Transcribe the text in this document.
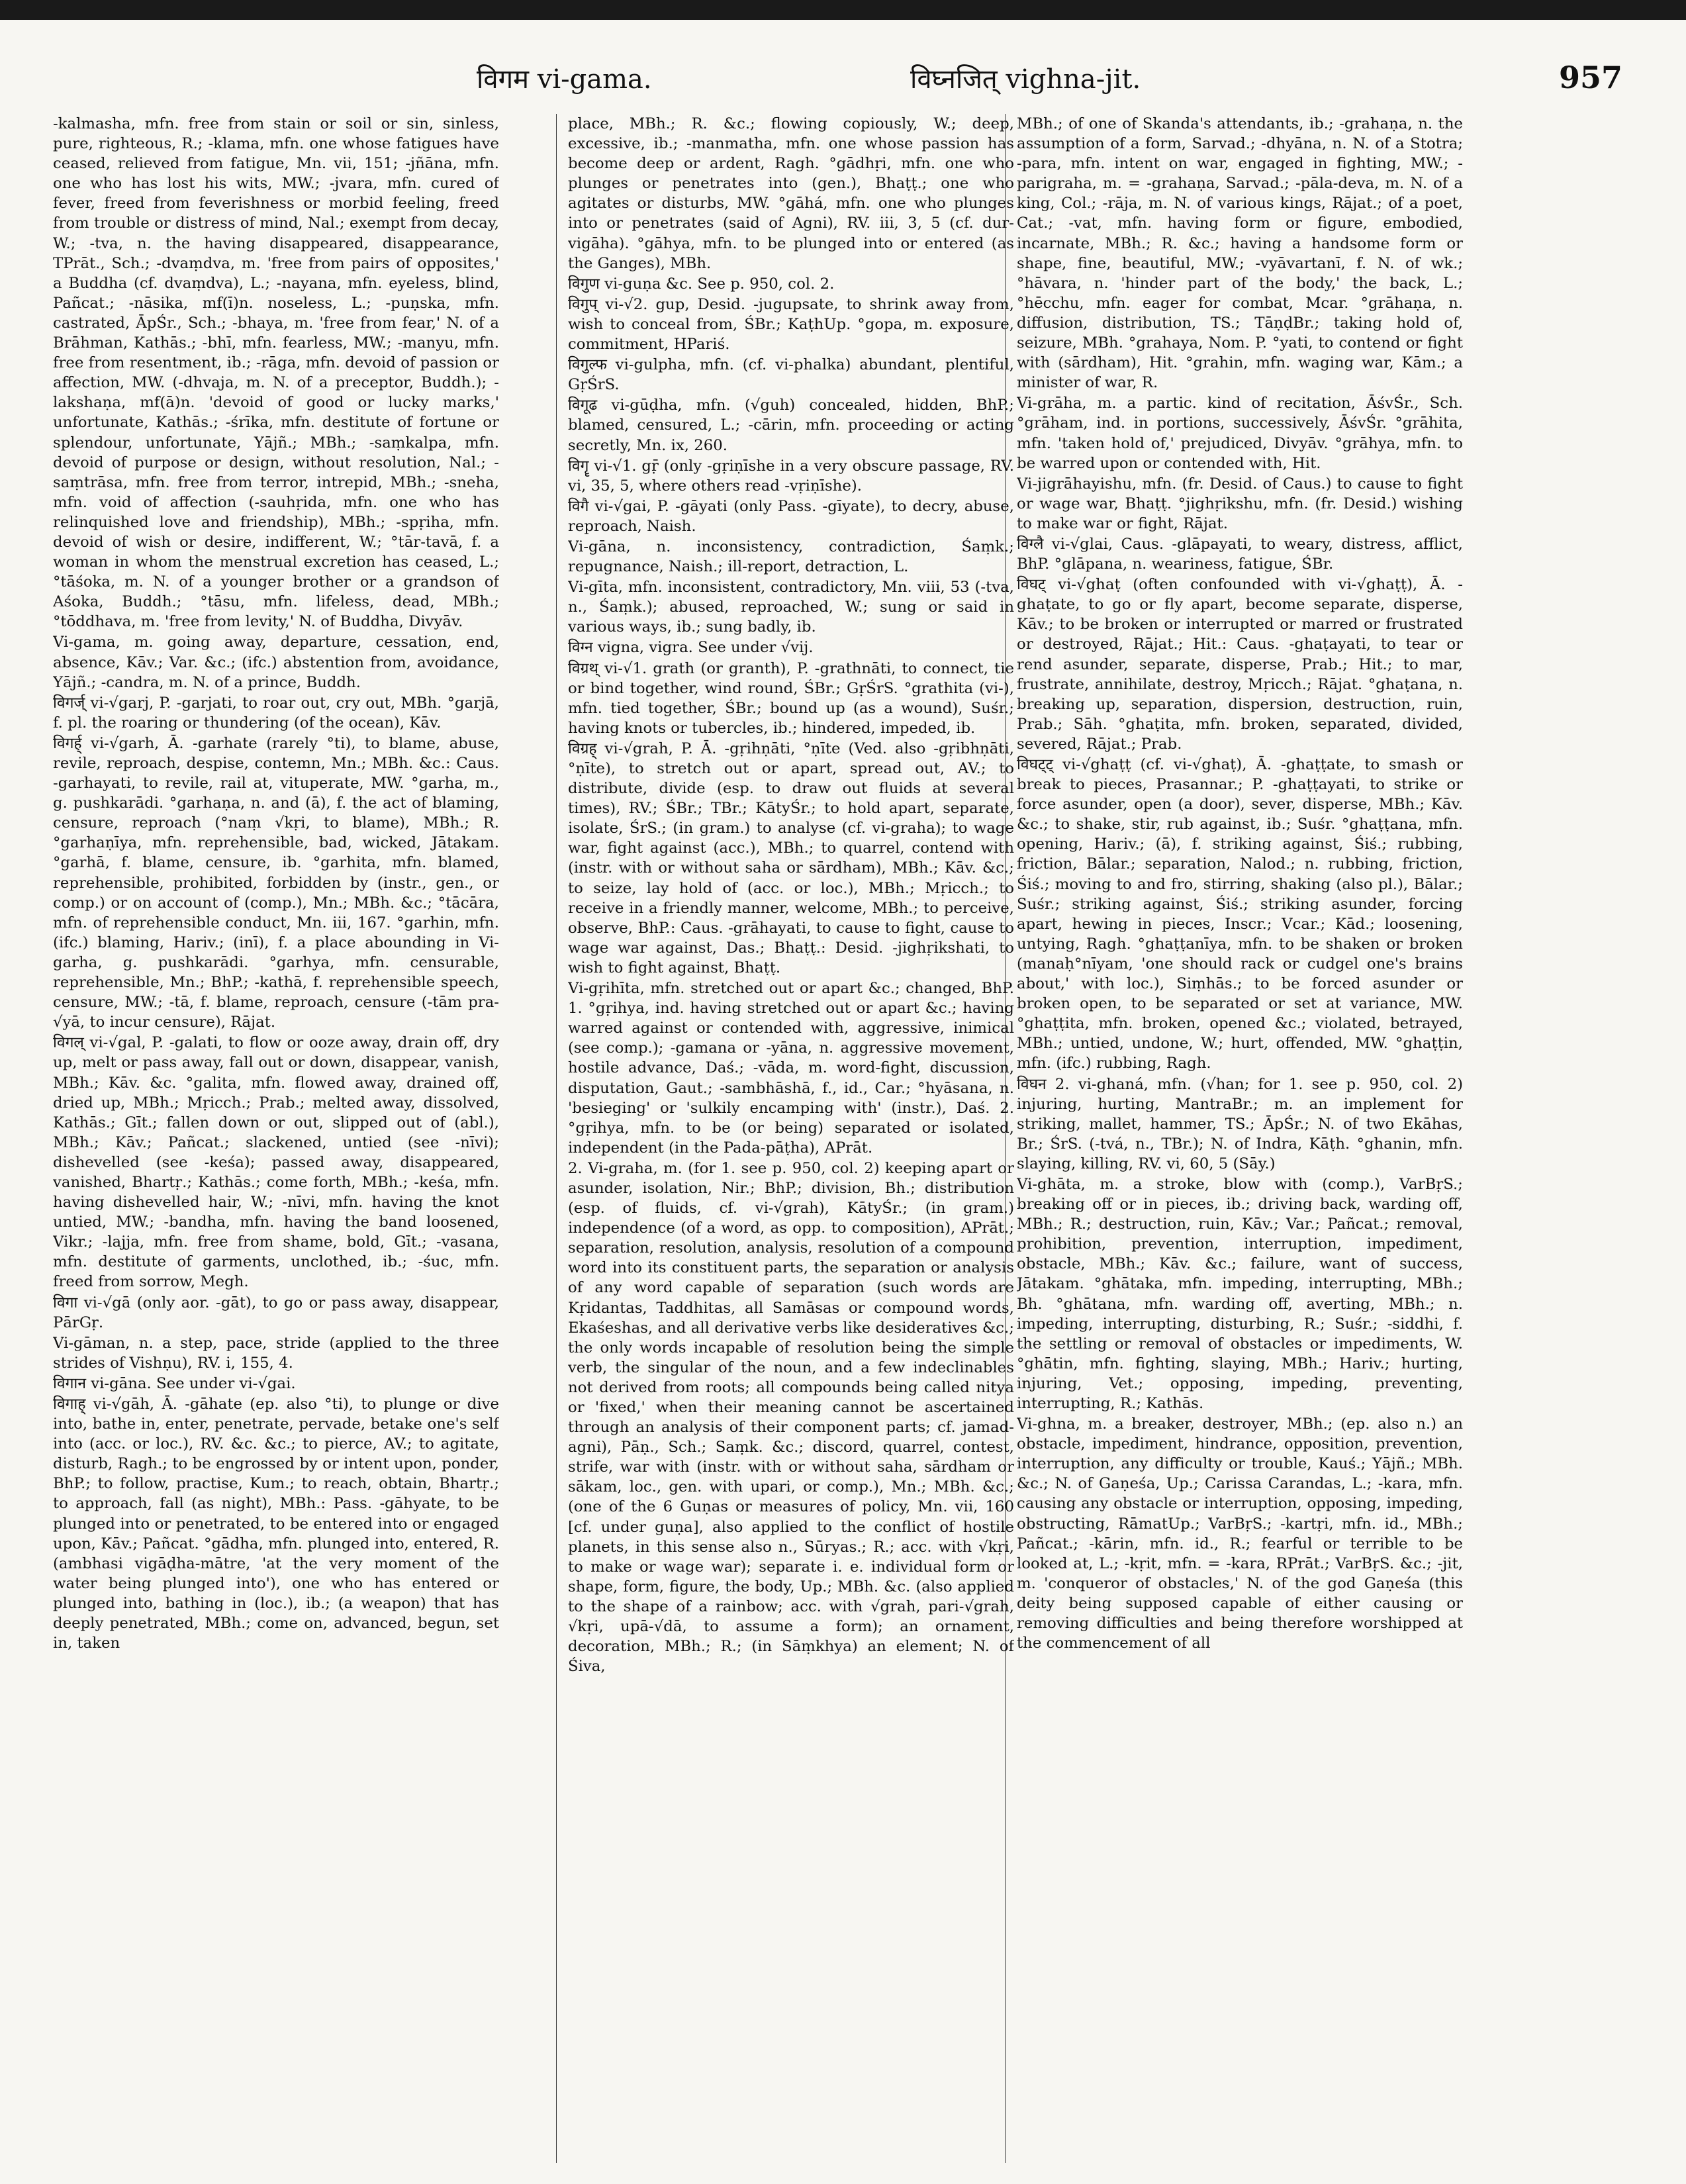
विगम vi-gama.	विघ्नजित् vighna-jit.	957

-kalmasha, mfn. free from stain or soil or sin, sinless, pure, righteous, R.; -klama, mfn. one whose fatigues have ceased, relieved from fatigue, Mn. vii, 151; -jñāna, mfn. one who has lost his wits, MW.; -jvara, mfn. cured of fever, freed from feverishness or morbid feeling, freed from trouble or distress of mind, Nal.; exempt from decay, W.; -tva, n. the having disappeared, disappearance, TPrāt., Sch.; -dvaṃdva, m. 'free from pairs of opposites,' a Buddha (cf. dvaṃdva), L.; -nayana, mfn. eyeless, blind, Pañcat.; -nāsika, mf(ī)n. noseless, L.; -puṇska, mfn. castrated, ĀpŚr., Sch.; -bhaya, m. 'free from fear,' N. of a Brāhman, Kathās.; -bhī, mfn. fearless, MW.; -manyu, mfn. free from resentment, ib.; -rāga, mfn. devoid of passion or affection, MW. (-dhvaja, m. N. of a preceptor, Buddh.); -lakshaṇa, mf(ā)n. 'devoid of good or lucky marks,' unfortunate, Kathās.; -śrīka, mfn. destitute of fortune or splendour, unfortunate, Yājñ.; MBh.; -saṃkalpa, mfn. devoid of purpose or design, without resolution, Nal.; -saṃtrāsa, mfn. free from terror, intrepid, MBh.; -sneha, mfn. void of affection (-sauhṛida, mfn. one who has relinquished love and friendship), MBh.; -spṛiha, mfn. devoid of wish or desire, indifferent, W.; °tār-tavā, f. a woman in whom the menstrual excretion has ceased, L.; °tāśoka, m. N. of a younger brother or a grandson of Aśoka, Buddh.; °tāsu, mfn. lifeless, dead, MBh.; °tōddhava, m. 'free from levity,' N. of Buddha, Divyāv.

Vi-gama, m. going away, departure, cessation, end, absence, Kāv.; Var. &c.; (ifc.) abstention from, avoidance, Yājñ.; -candra, m. N. of a prince, Buddh.

विगर्ज् vi-√garj, P. -garjati, to roar out, cry out, MBh. °garjā, f. pl. the roaring or thundering (of the ocean), Kāv.

विगर्ह् vi-√garh, Ā. -garhate (rarely °ti), to blame, abuse, revile, reproach, despise, contemn, Mn.; MBh. &c.: Caus. -garhayati, to revile, rail at, vituperate, MW. °garha, m., g. pushkarādi. °garhaṇa, n. and (ā), f. the act of blaming, censure, reproach (°naṃ √kṛi, to blame), MBh.; R. °garhaṇīya, mfn. reprehensible, bad, wicked, Jātakam. °garhā, f. blame, censure, ib. °garhita, mfn. blamed, reprehensible, prohibited, forbidden by (instr., gen., or comp.) or on account of (comp.), Mn.; MBh. &c.; °tācāra, mfn. of reprehensible conduct, Mn. iii, 167. °garhin, mfn. (ifc.) blaming, Hariv.; (inī), f. a place abounding in Vi-garha, g. pushkarādi. °garhya, mfn. censurable, reprehensible, Mn.; BhP.; -kathā, f. reprehensible speech, censure, MW.; -tā, f. blame, reproach, censure (-tām pra-√yā, to incur censure), Rājat.

विगल् vi-√gal, P. -galati, to flow or ooze away, drain off, dry up, melt or pass away, fall out or down, disappear, vanish, MBh.; Kāv. &c. °galita, mfn. flowed away, drained off, dried up, MBh.; Mṛicch.; Prab.; melted away, dissolved, Kathās.; Gīt.; fallen down or out, slipped out of (abl.), MBh.; Kāv.; Pañcat.; slackened, untied (see -nīvi); dishevelled (see -keśa); passed away, disappeared, vanished, Bhartṛ.; Kathās.; come forth, MBh.; -keśa, mfn. having dishevelled hair, W.; -nīvi, mfn. having the knot untied, MW.; -bandha, mfn. having the band loosened, Vikr.; -lajja, mfn. free from shame, bold, Gīt.; -vasana, mfn. destitute of garments, unclothed, ib.; -śuc, mfn. freed from sorrow, Megh.

विगा vi-√gā (only aor. -gāt), to go or pass away, disappear, PārGṛ.

Vi-gāman, n. a step, pace, stride (applied to the three strides of Vishṇu), RV. i, 155, 4.

विगान vi-gāna. See under vi-√gai.

विगाह् vi-√gāh, Ā. -gāhate (ep. also °ti), to plunge or dive into, bathe in, enter, penetrate, pervade, betake one's self into (acc. or loc.), RV. &c. &c.; to pierce, AV.; to agitate, disturb, Ragh.; to be engrossed by or intent upon, ponder, BhP.; to follow, practise, Kum.; to reach, obtain, Bhartṛ.; to approach, fall (as night), MBh.: Pass. -gāhyate, to be plunged into or penetrated, to be entered into or engaged upon, Kāv.; Pañcat. °gādha, mfn. plunged into, entered, R. (ambhasi vigāḍha-mātre, 'at the very moment of the water being plunged into'), one who has entered or plunged into, bathing in (loc.), ib.; (a weapon) that has deeply penetrated, MBh.; come on, advanced, begun, set in, taken

place, MBh.; R. &c.; flowing copiously, W.; deep, excessive, ib.; -manmatha, mfn. one whose passion has become deep or ardent, Ragh. °gādhṛi, mfn. one who plunges or penetrates into (gen.), Bhaṭṭ.; one who agitates or disturbs, MW. °gāhá, mfn. one who plunges into or penetrates (said of Agni), RV. iii, 3, 5 (cf. dur-vigāha). °gāhya, mfn. to be plunged into or entered (as the Ganges), MBh.

विगुण vi-guṇa &c. See p. 950, col. 2.

विगुप् vi-√2. gup, Desid. -jugupsate, to shrink away from, wish to conceal from, ŚBr.; KaṭhUp. °gopa, m. exposure, commitment, HPariś.

विगुल्फ vi-gulpha, mfn. (cf. vi-phalka) abundant, plentiful, GṛŚrS.

विगूढ vi-gūḍha, mfn. (√guh) concealed, hidden, BhP.; blamed, censured, L.; -cārin, mfn. proceeding or acting secretly, Mn. ix, 260.

विगॄ vi-√1. gṝ (only -gṛiṇīshe in a very obscure passage, RV. vi, 35, 5, where others read -vṛiṇīshe).

विगै vi-√gai, P. -gāyati (only Pass. -gīyate), to decry, abuse, reproach, Naish.

Vi-gāna, n. inconsistency, contradiction, Śaṃk.; repugnance, Naish.; ill-report, detraction, L.

Vi-gīta, mfn. inconsistent, contradictory, Mn. viii, 53 (-tva, n., Śaṃk.); abused, reproached, W.; sung or said in various ways, ib.; sung badly, ib.

विग्न vigna, vigra. See under √vij.

विग्रथ् vi-√1. grath (or granth), P. -grathnāti, to connect, tie or bind together, wind round, ŚBr.; GṛŚrS. °grathita (vi-), mfn. tied together, ŚBr.; bound up (as a wound), Suśr.; having knots or tubercles, ib.; hindered, impeded, ib.

विग्रह् vi-√grah, P. Ā. -gṛihṇāti, °ṇīte (Ved. also -gṛibhṇāti, °ṇīte), to stretch out or apart, spread out, AV.; to distribute, divide (esp. to draw out fluids at several times), RV.; ŚBr.; TBr.; KātyŚr.; to hold apart, separate, isolate, ŚrS.; (in gram.) to analyse (cf. vi-graha); to wage war, fight against (acc.), MBh.; to quarrel, contend with (instr. with or without saha or sārdham), MBh.; Kāv. &c.; to seize, lay hold of (acc. or loc.), MBh.; Mṛicch.; to receive in a friendly manner, welcome, MBh.; to perceive, observe, BhP.: Caus. -grāhayati, to cause to fight, cause to wage war against, Das.; Bhaṭṭ.: Desid. -jighṛikshati, to wish to fight against, Bhaṭṭ.

Vi-gṛihīta, mfn. stretched out or apart &c.; changed, BhP. 1. °gṛihya, ind. having stretched out or apart &c.; having warred against or contended with, aggressive, inimical (see comp.); -gamana or -yāna, n. aggressive movement, hostile advance, Daś.; -vāda, m. word-fight, discussion, disputation, Gaut.; -sambhāshā, f., id., Car.; °hyāsana, n. 'besieging' or 'sulkily encamping with' (instr.), Daś. 2. °gṛihya, mfn. to be (or being) separated or isolated, independent (in the Pada-pāṭha), APrāt.

2. Vi-graha, m. (for 1. see p. 950, col. 2) keeping apart or asunder, isolation, Nir.; BhP.; division, Bh.; distribution (esp. of fluids, cf. vi-√grah), KātyŚr.; (in gram.) independence (of a word, as opp. to composition), APrāt.; separation, resolution, analysis, resolution of a compound word into its constituent parts, the separation or analysis of any word capable of separation (such words are Kṛidantas, Taddhitas, all Samāsas or compound words, Ekaśeshas, and all derivative verbs like desideratives &c.; the only words incapable of resolution being the simple verb, the singular of the noun, and a few indeclinables not derived from roots; all compounds being called nitya or 'fixed,' when their meaning cannot be ascertained through an analysis of their component parts; cf. jamad-agni), Pāṇ., Sch.; Saṃk. &c.; discord, quarrel, contest, strife, war with (instr. with or without saha, sārdham or sākam, loc., gen. with upari, or comp.), Mn.; MBh. &c.; (one of the 6 Guṇas or measures of policy, Mn. vii, 160 [cf. under guṇa], also applied to the conflict of hostile planets, in this sense also n., Sūryas.; R.; acc. with √kṛi, to make or wage war); separate i. e. individual form or shape, form, figure, the body, Up.; MBh. &c. (also applied to the shape of a rainbow; acc. with √grah, pari-√grah, √kṛi, upā-√dā, to assume a form); an ornament, decoration, MBh.; R.; (in Sāṃkhya) an element; N. of Śiva,

MBh.; of one of Skanda's attendants, ib.; -grahaṇa, n. the assumption of a form, Sarvad.; -dhyāna, n. N. of a Stotra; -para, mfn. intent on war, engaged in fighting, MW.; -parigraha, m. = -grahaṇa, Sarvad.; -pāla-deva, m. N. of a king, Col.; -rāja, m. N. of various kings, Rājat.; of a poet, Cat.; -vat, mfn. having form or figure, embodied, incarnate, MBh.; R. &c.; having a handsome form or shape, fine, beautiful, MW.; -vyāvartanī, f. N. of wk.; °hāvara, n. 'hinder part of the body,' the back, L.; °hēcchu, mfn. eager for combat, Mcar. °grāhaṇa, n. diffusion, distribution, TS.; TāṇḍBr.; taking hold of, seizure, MBh. °grahaya, Nom. P. °yati, to contend or fight with (sārdham), Hit. °grahin, mfn. waging war, Kām.; a minister of war, R.

Vi-grāha, m. a partic. kind of recitation, ĀśvŚr., Sch. °grāham, ind. in portions, successively, ĀśvŚr. °grāhita, mfn. 'taken hold of,' prejudiced, Divyāv. °grāhya, mfn. to be warred upon or contended with, Hit.

Vi-jigrāhayishu, mfn. (fr. Desid. of Caus.) to cause to fight or wage war, Bhaṭṭ. °jighṛikshu, mfn. (fr. Desid.) wishing to make war or fight, Rājat.

विग्लै vi-√glai, Caus. -glāpayati, to weary, distress, afflict, BhP. °glāpana, n. weariness, fatigue, ŚBr.

विघट् vi-√ghaṭ (often confounded with vi-√ghaṭṭ), Ā. -ghaṭate, to go or fly apart, become separate, disperse, Kāv.; to be broken or interrupted or marred or frustrated or destroyed, Rājat.; Hit.: Caus. -ghaṭayati, to tear or rend asunder, separate, disperse, Prab.; Hit.; to mar, frustrate, annihilate, destroy, Mṛicch.; Rājat. °ghaṭana, n. breaking up, separation, dispersion, destruction, ruin, Prab.; Sāh. °ghaṭita, mfn. broken, separated, divided, severed, Rājat.; Prab.

विघट्ट् vi-√ghaṭṭ (cf. vi-√ghaṭ), Ā. -ghaṭṭate, to smash or break to pieces, Prasannar.; P. -ghaṭṭayati, to strike or force asunder, open (a door), sever, disperse, MBh.; Kāv. &c.; to shake, stir, rub against, ib.; Suśr. °ghaṭṭana, mfn. opening, Hariv.; (ā), f. striking against, Śiś.; rubbing, friction, Bālar.; separation, Nalod.; n. rubbing, friction, Śiś.; moving to and fro, stirring, shaking (also pl.), Bālar.; Suśr.; striking against, Śiś.; striking asunder, forcing apart, hewing in pieces, Inscr.; Vcar.; Kād.; loosening, untying, Ragh. °ghaṭṭanīya, mfn. to be shaken or broken (manaḥ°nīyam, 'one should rack or cudgel one's brains about,' with loc.), Siṃhās.; to be forced asunder or broken open, to be separated or set at variance, MW. °ghaṭṭita, mfn. broken, opened &c.; violated, betrayed, MBh.; untied, undone, W.; hurt, offended, MW. °ghaṭṭin, mfn. (ifc.) rubbing, Ragh.

विघन 2. vi-ghaná, mfn. (√han; for 1. see p. 950, col. 2) injuring, hurting, MantraBr.; m. an implement for striking, mallet, hammer, TS.; ĀpŚr.; N. of two Ekāhas, Br.; ŚrS. (-tvá, n., TBr.); N. of Indra, Kāṭh. °ghanin, mfn. slaying, killing, RV. vi, 60, 5 (Sāy.)

Vi-ghāta, m. a stroke, blow with (comp.), VarBṛS.; breaking off or in pieces, ib.; driving back, warding off, MBh.; R.; destruction, ruin, Kāv.; Var.; Pañcat.; removal, prohibition, prevention, interruption, impediment, obstacle, MBh.; Kāv. &c.; failure, want of success, Jātakam. °ghātaka, mfn. impeding, interrupting, MBh.; Bh. °ghātana, mfn. warding off, averting, MBh.; n. impeding, interrupting, disturbing, R.; Suśr.; -siddhi, f. the settling or removal of obstacles or impediments, W. °ghātin, mfn. fighting, slaying, MBh.; Hariv.; hurting, injuring, Vet.; opposing, impeding, preventing, interrupting, R.; Kathās.

Vi-ghna, m. a breaker, destroyer, MBh.; (ep. also n.) an obstacle, impediment, hindrance, opposition, prevention, interruption, any difficulty or trouble, Kauś.; Yājñ.; MBh. &c.; N. of Gaṇeśa, Up.; Carissa Carandas, L.; -kara, mfn. causing any obstacle or interruption, opposing, impeding, obstructing, RāmatUp.; VarBṛS.; -kartṛi, mfn. id., MBh.; Pañcat.; -kārin, mfn. id., R.; fearful or terrible to be looked at, L.; -kṛit, mfn. = -kara, RPrāt.; VarBṛS. &c.; -jit, m. 'conqueror of obstacles,' N. of the god Gaṇeśa (this deity being supposed capable of either causing or removing difficulties and being therefore worshipped at the commencement of all
